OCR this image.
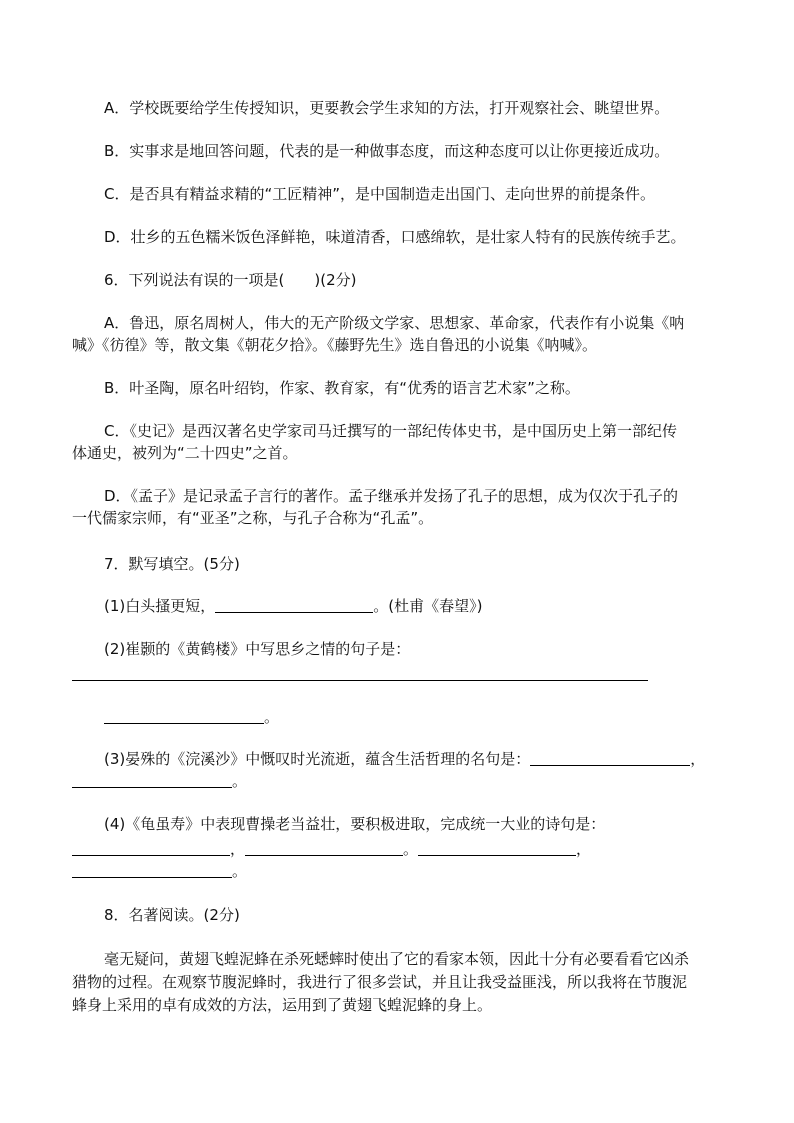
A．学校既要给学生传授知识，更要教会学生求知的方法，打开观察社会、眺望世界。
B．实事求是地回答问题，代表的是一种做事态度，而这种态度可以让你更接近成功。
C．是否具有精益求精的“工匠精神”，是中国制造走出国门、走向世界的前提条件。
D．壮乡的五色糯米饭色泽鲜艳，味道清香，口感绵软，是壮家人特有的民族传统手艺。
6．下列说法有误的一项是(　　)(2分)
A．鲁迅，原名周树人，伟大的无产阶级文学家、思想家、革命家，代表作有小说集《呐
喊》《彷徨》等，散文集《朝花夕拾》。《藤野先生》选自鲁迅的小说集《呐喊》。
B．叶圣陶，原名叶绍钧，作家、教育家，有“优秀的语言艺术家”之称。
C．《史记》是西汉著名史学家司马迁撰写的一部纪传体史书，是中国历史上第一部纪传
体通史，被列为“二十四史”之首。
D．《孟子》是记录孟子言行的著作。孟子继承并发扬了孔子的思想，成为仅次于孔子的
一代儒家宗师，有“亚圣”之称，与孔子合称为“孔孟”。
7．默写填空。(5分)
(1)白头搔更短，	。(杜甫《春望》)
(2)崔颢的《黄鹤楼》中写思乡之情的句子是：
。
(3)晏殊的《浣溪沙》中慨叹时光流逝，蕴含生活哲理的名句是：	，
。
(4)《龟虽寿》中表现曹操老当益壮，要积极进取，完成统一大业的诗句是：
，	。	，
。
8．名著阅读。(2分)
毫无疑问，黄翅飞蝗泥蜂在杀死蟋蟀时使出了它的看家本领，因此十分有必要看看它凶杀
猎物的过程。在观察节腹泥蜂时，我进行了很多尝试，并且让我受益匪浅，所以我将在节腹泥
蜂身上采用的卓有成效的方法，运用到了黄翅飞蝗泥蜂的身上。
